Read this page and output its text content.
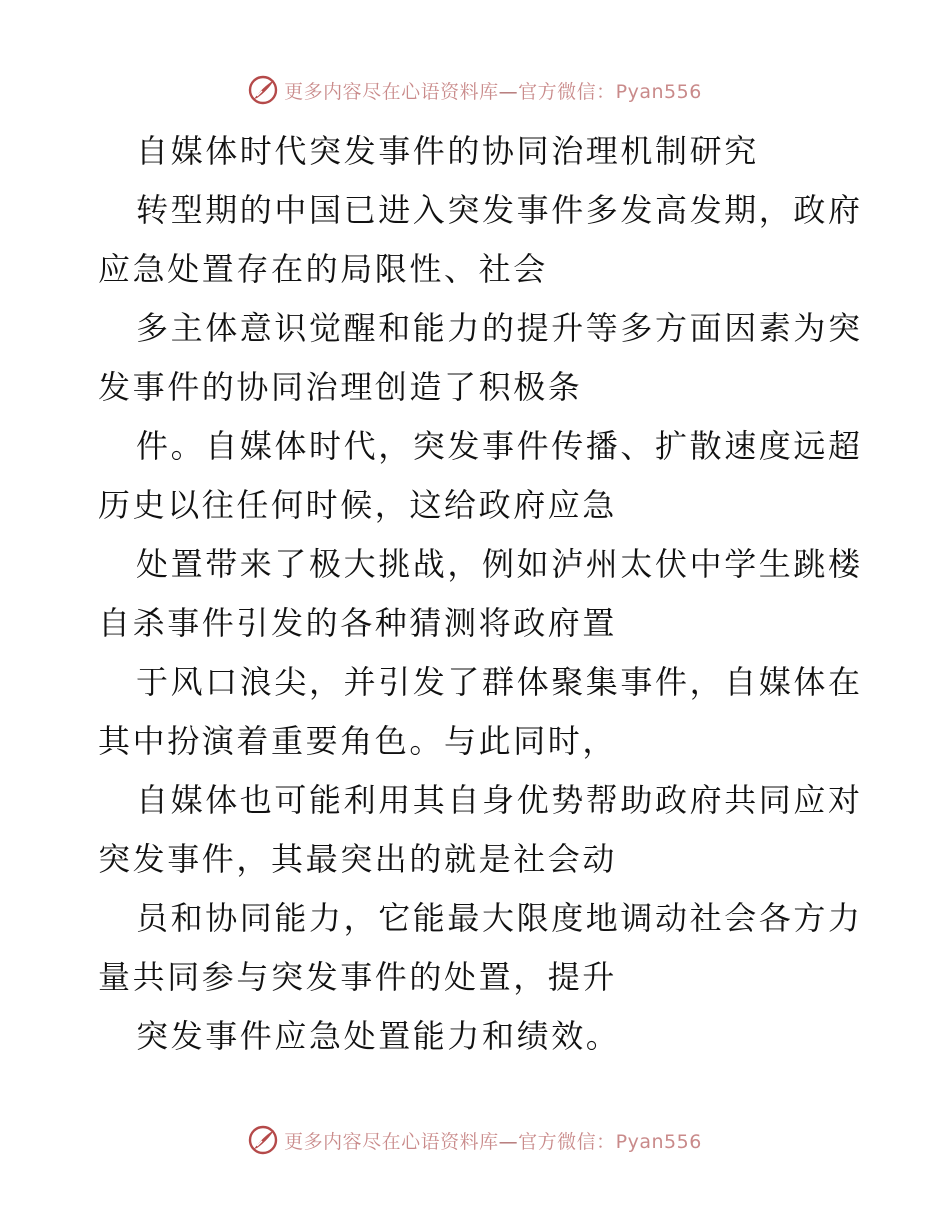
更多内容尽在心语资料库—官方微信：Pyan556
自媒体时代突发事件的协同治理机制研究
转型期的中国已进入突发事件多发高发期，政府
应急处置存在的局限性、社会
多主体意识觉醒和能力的提升等多方面因素为突
发事件的协同治理创造了积极条
件。自媒体时代，突发事件传播、扩散速度远超
历史以往任何时候，这给政府应急
处置带来了极大挑战，例如泸州太伏中学生跳楼
自杀事件引发的各种猜测将政府置
于风口浪尖，并引发了群体聚集事件，自媒体在
其中扮演着重要角色。与此同时，
自媒体也可能利用其自身优势帮助政府共同应对
突发事件，其最突出的就是社会动
员和协同能力，它能最大限度地调动社会各方力
量共同参与突发事件的处置，提升
突发事件应急处置能力和绩效。
更多内容尽在心语资料库—官方微信：Pyan556
